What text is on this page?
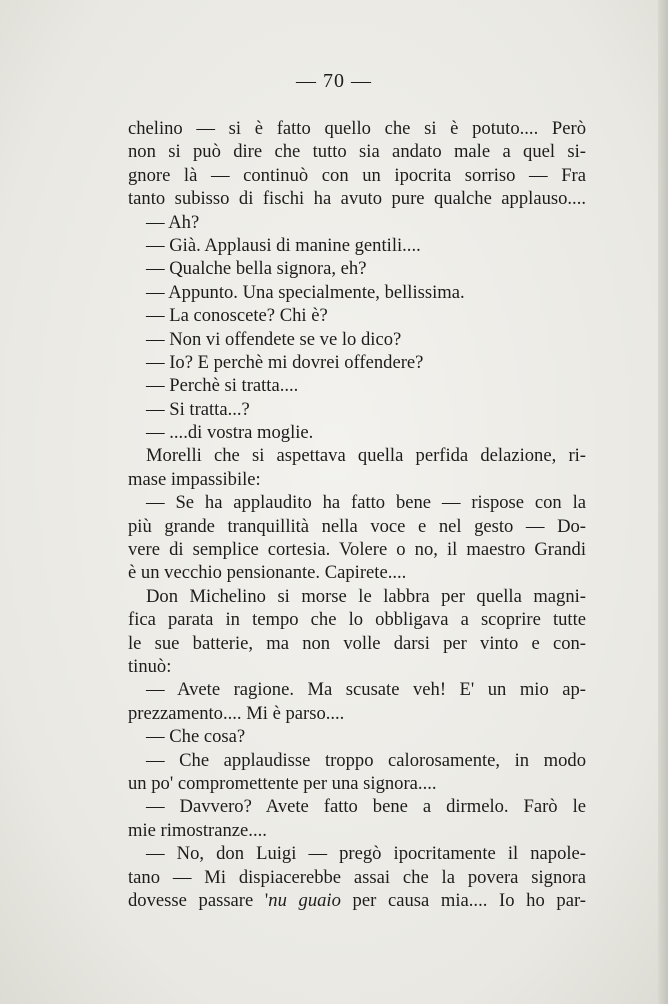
— 70 —
chelino — si è fatto quello che si è potuto.... Però
non si può dire che tutto sia andato male a quel si-
gnore là — continuò con un ipocrita sorriso — Fra
tanto subisso di fischi ha avuto pure qualche applauso....
— Ah?
— Già. Applausi di manine gentili....
— Qualche bella signora, eh?
— Appunto. Una specialmente, bellissima.
— La conoscete? Chi è?
— Non vi offendete se ve lo dico?
— Io? E perchè mi dovrei offendere?
— Perchè si tratta....
— Si tratta...?
— ....di vostra moglie.
Morelli che si aspettava quella perfida delazione, ri-
mase impassibile:
— Se ha applaudito ha fatto bene — rispose con la
più grande tranquillità nella voce e nel gesto — Do-
vere di semplice cortesia. Volere o no, il maestro Grandi
è un vecchio pensionante. Capirete....
Don Michelino si morse le labbra per quella magni-
fica parata in tempo che lo obbligava a scoprire tutte
le sue batterie, ma non volle darsi per vinto e con-
tinuò:
— Avete ragione. Ma scusate veh! E' un mio ap-
prezzamento.... Mi è parso....
— Che cosa?
— Che applaudisse troppo calorosamente, in modo
un po' compromettente per una signora....
— Davvero? Avete fatto bene a dirmelo. Farò le
mie rimostranze....
— No, don Luigi — pregò ipocritamente il napole-
tano — Mi dispiacerebbe assai che la povera signora
dovesse passare 'nu guaio per causa mia.... Io ho par-
